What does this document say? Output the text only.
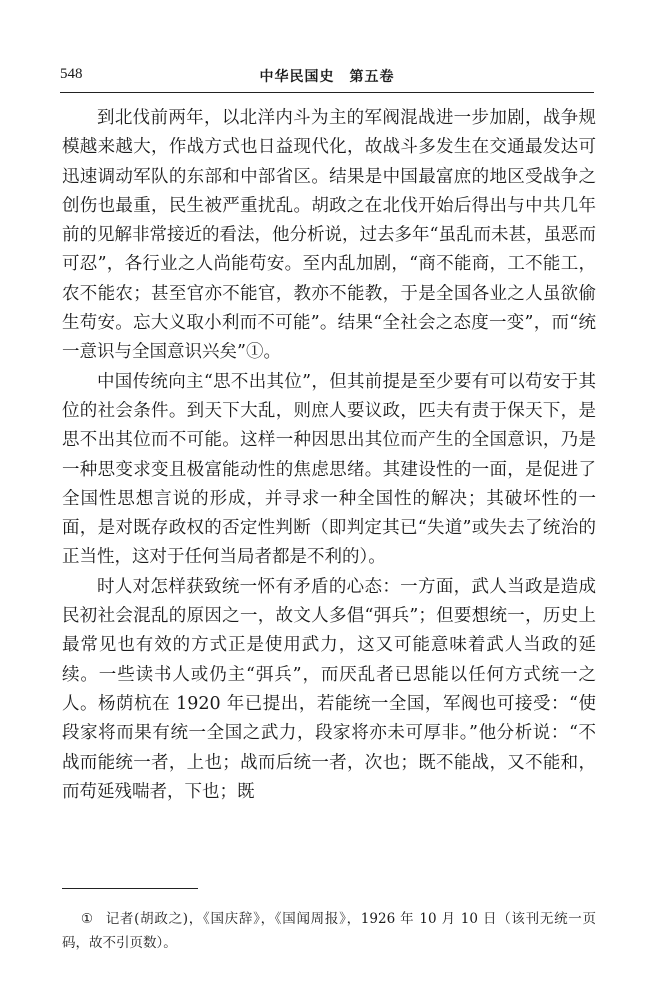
548	中华民国史　第五卷

到北伐前两年，以北洋内斗为主的军阀混战进一步加剧，战争规模越来越大，作战方式也日益现代化，故战斗多发生在交通最发达可迅速调动军队的东部和中部省区。结果是中国最富庶的地区受战争之创伤也最重，民生被严重扰乱。胡政之在北伐开始后得出与中共几年前的见解非常接近的看法，他分析说，过去多年“虽乱而未甚，虽恶而可忍”，各行业之人尚能苟安。至内乱加剧，“商不能商，工不能工，农不能农；甚至官亦不能官，教亦不能教，于是全国各业之人虽欲偷生苟安。忘大义取小利而不可能”。结果“全社会之态度一变”，而“统一意识与全国意识兴矣”①。

中国传统向主“思不出其位”，但其前提是至少要有可以苟安于其位的社会条件。到天下大乱，则庶人要议政，匹夫有责于保天下，是思不出其位而不可能。这样一种因思出其位而产生的全国意识，乃是一种思变求变且极富能动性的焦虑思绪。其建设性的一面，是促进了全国性思想言说的形成，并寻求一种全国性的解决；其破坏性的一面，是对既存政权的否定性判断（即判定其已“失道”或失去了统治的正当性，这对于任何当局者都是不利的）。

时人对怎样获致统一怀有矛盾的心态：一方面，武人当政是造成民初社会混乱的原因之一，故文人多倡“弭兵”；但要想统一，历史上最常见也有效的方式正是使用武力，这又可能意味着武人当政的延续。一些读书人或仍主“弭兵”，而厌乱者已思能以任何方式统一之人。杨荫杭在 1920 年已提出，若能统一全国，军阀也可接受：“使段家将而果有统一全国之武力，段家将亦未可厚非。”他分析说：“不战而能统一者，上也；战而后统一者，次也；既不能战，又不能和，而苟延残喘者，下也；既

① 记者(胡政之)，《国庆辞》，《国闻周报》，1926 年 10 月 10 日（该刊无统一页码，故不引页数）。
